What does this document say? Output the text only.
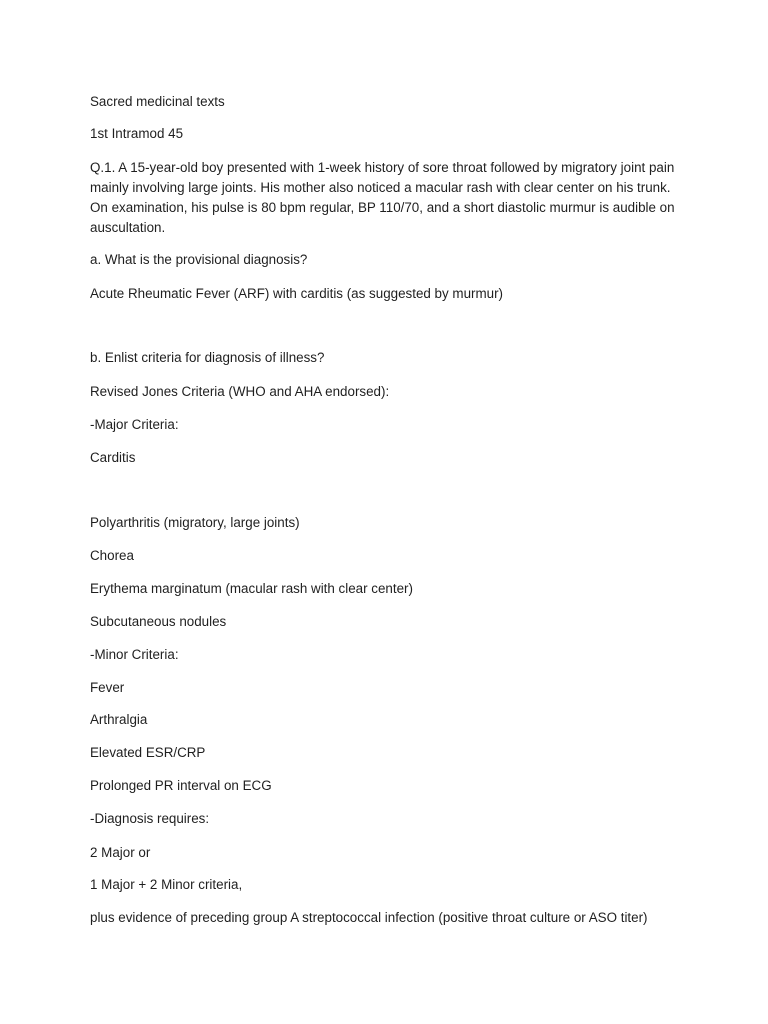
Sacred medicinal texts
1st Intramod 45
Q.1. A 15-year-old boy presented with 1-week history of sore throat followed by migratory joint pain mainly involving large joints. His mother also noticed a macular rash with clear center on his trunk. On examination, his pulse is 80 bpm regular, BP 110/70, and a short diastolic murmur is audible on auscultation.
a. What is the provisional diagnosis?
Acute Rheumatic Fever (ARF) with carditis (as suggested by murmur)
b. Enlist criteria for diagnosis of illness?
Revised Jones Criteria (WHO and AHA endorsed):
-Major Criteria:
Carditis
Polyarthritis (migratory, large joints)
Chorea
Erythema marginatum (macular rash with clear center)
Subcutaneous nodules
-Minor Criteria:
Fever
Arthralgia
Elevated ESR/CRP
Prolonged PR interval on ECG
-Diagnosis requires:
2 Major or
1 Major + 2 Minor criteria,
plus evidence of preceding group A streptococcal infection (positive throat culture or ASO titer)
